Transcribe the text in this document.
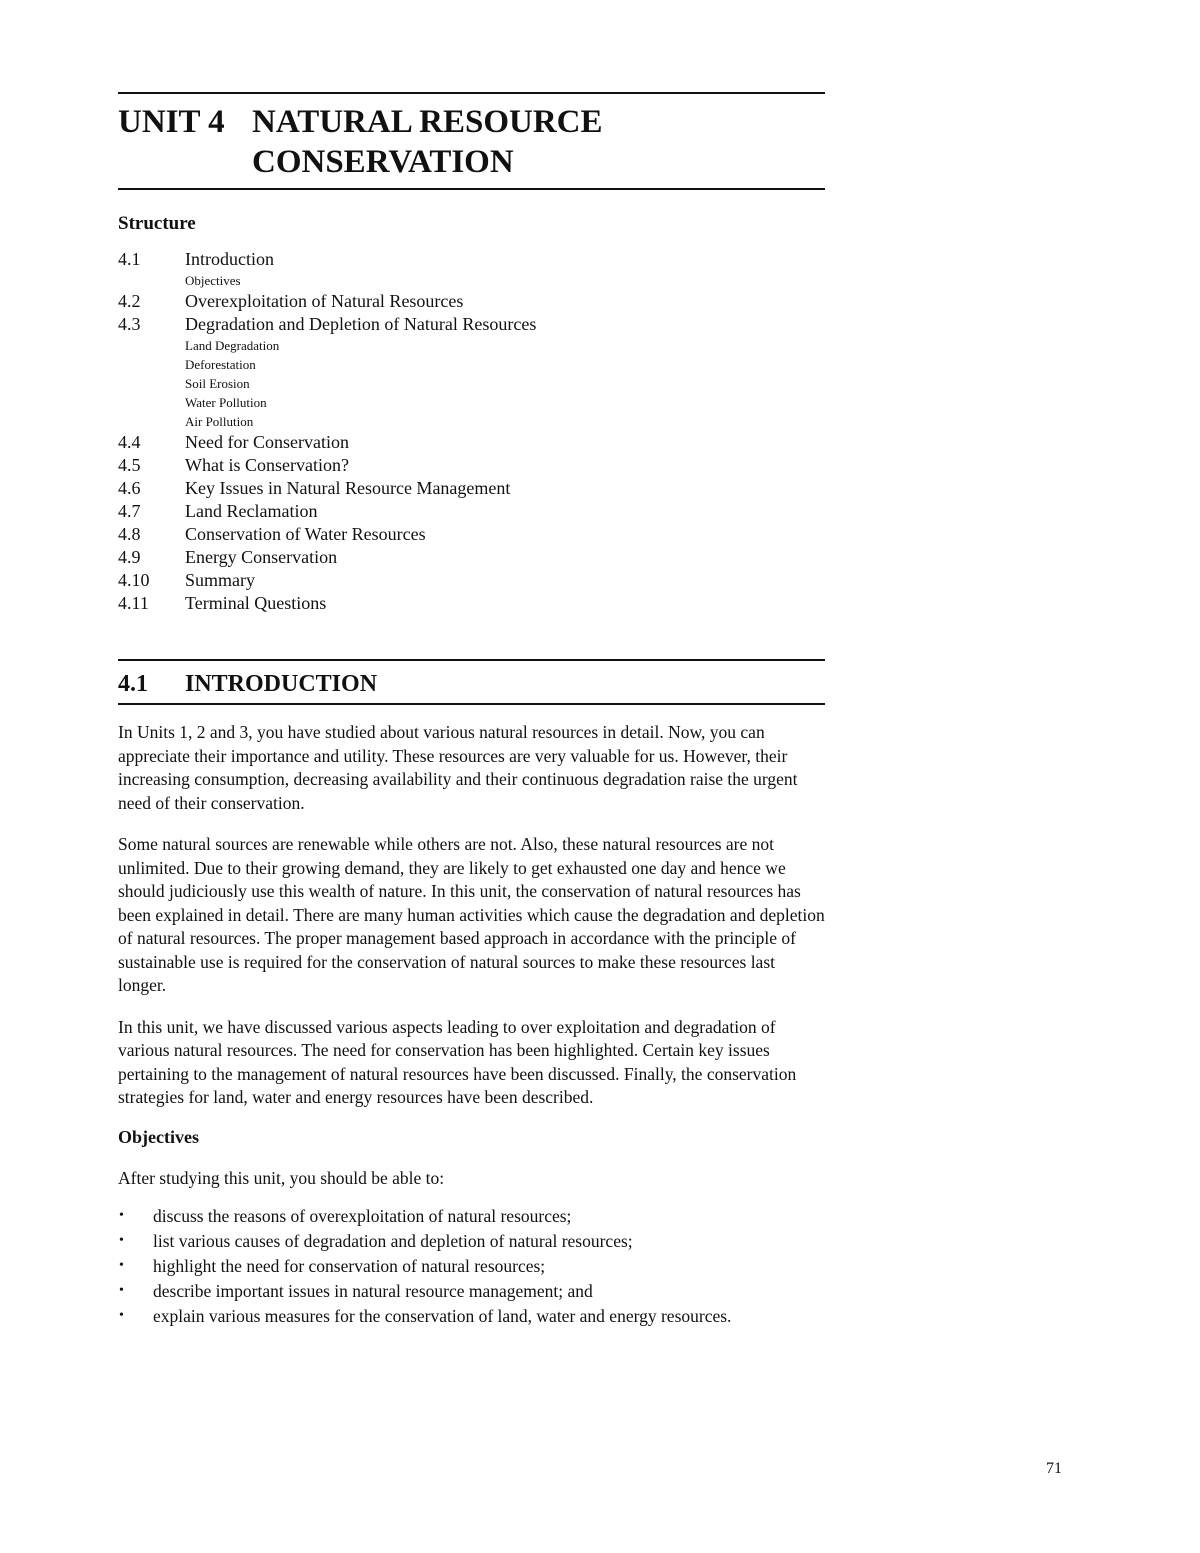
UNIT 4 NATURAL RESOURCE
CONSERVATION
Structure
4.1	Introduction
Objectives
4.2	Overexploitation of Natural Resources
4.3	Degradation and Depletion of Natural Resources
Land Degradation
Deforestation
Soil Erosion
Water Pollution
Air Pollution
4.4	Need for Conservation
4.5	What is Conservation?
4.6	Key Issues in Natural Resource Management
4.7	Land Reclamation
4.8	Conservation of Water Resources
4.9	Energy Conservation
4.10	Summary
4.11	Terminal Questions
4.1	INTRODUCTION

In Units 1, 2 and 3, you have studied about various natural resources in detail. Now, you can appreciate their importance and utility. These resources are very valuable for us. However, their increasing consumption, decreasing availability and their continuous degradation raise the urgent need of their conservation.

Some natural sources are renewable while others are not. Also, these natural resources are not unlimited. Due to their growing demand, they are likely to get exhausted one day and hence we should judiciously use this wealth of nature. In this unit, the conservation of natural resources has been explained in detail. There are many human activities which cause the degradation and depletion of natural resources. The proper management based approach in accordance with the principle of sustainable use is required for the conservation of natural sources to make these resources last longer.

In this unit, we have discussed various aspects leading to over exploitation and degradation of various natural resources. The need for conservation has been highlighted. Certain key issues pertaining to the management of natural resources have been discussed. Finally, the conservation strategies for land, water and energy resources have been described.

Objectives

After studying this unit, you should be able to:

•	discuss the reasons of overexploitation of natural resources;
•	list various causes of degradation and depletion of natural resources;
•	highlight the need for conservation of natural resources;
•	describe important issues in natural resource management; and
•	explain various measures for the conservation of land, water and energy resources.
71
